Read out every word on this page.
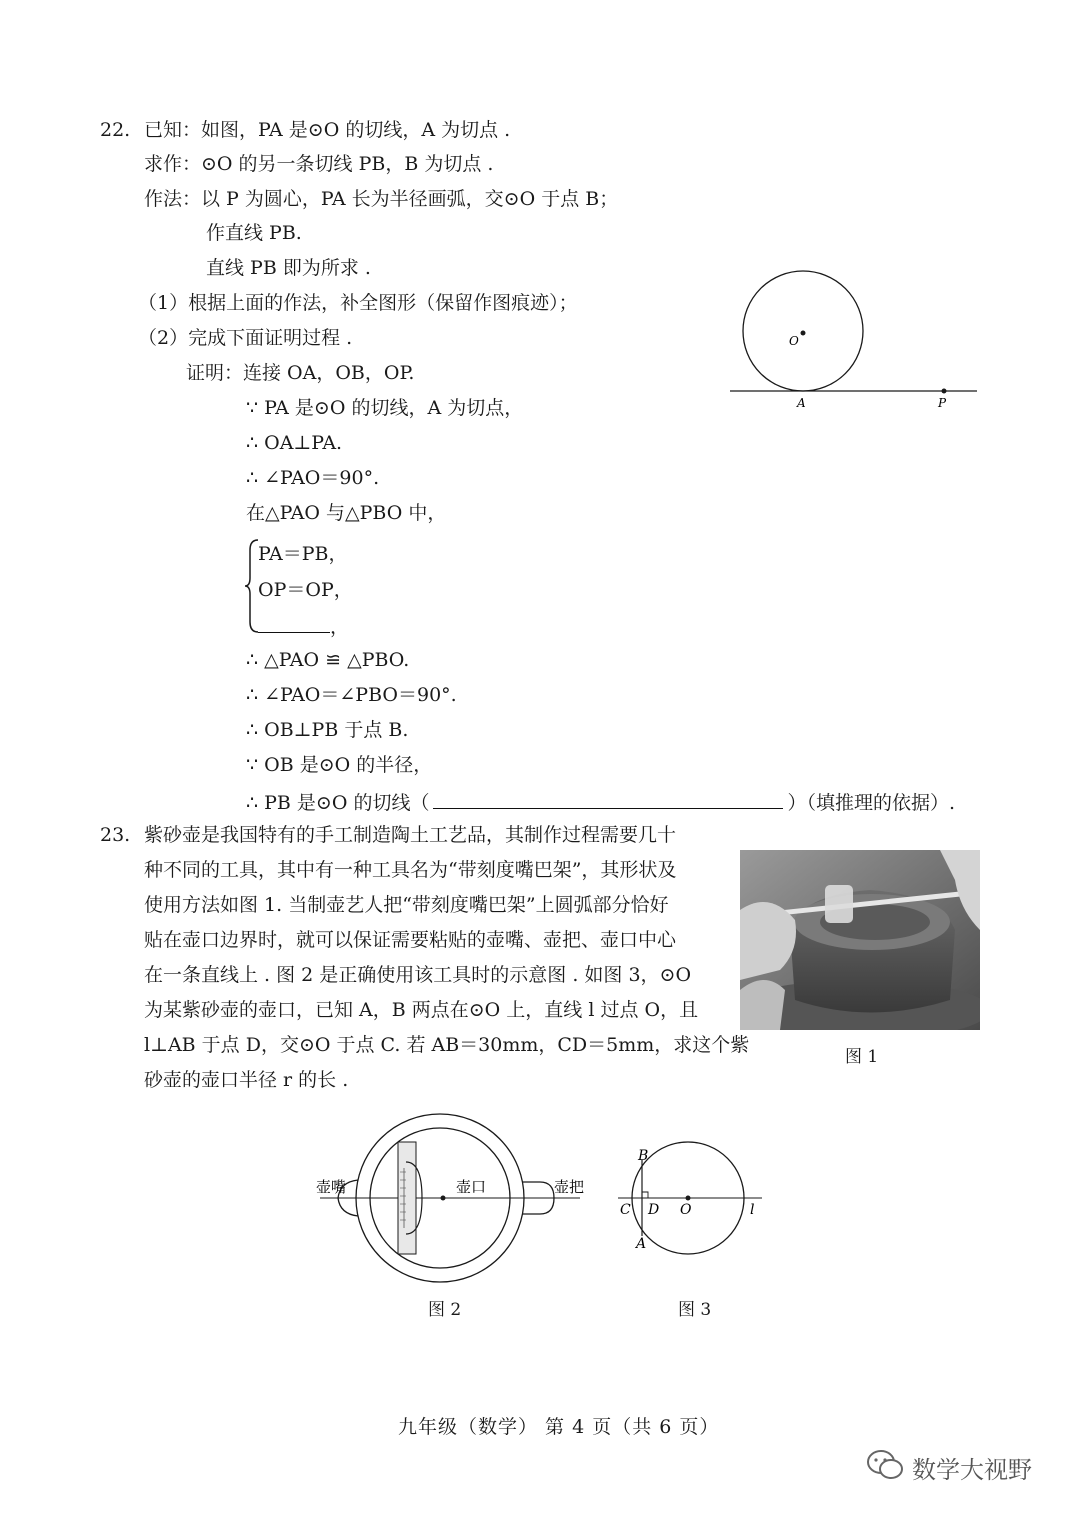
22. 已知：如图，PA 是⊙O 的切线，A 为切点 .
求作：⊙O 的另一条切线 PB，B 为切点 .
作法：以 P 为圆心，PA 长为半径画弧，交⊙O 于点 B；
作直线 PB.
直线 PB 即为所求 .
（1）根据上面的作法，补全图形（保留作图痕迹）；
（2）完成下面证明过程 .
证明：连接 OA，OB，OP.
∵ PA 是⊙O 的切线，A 为切点，
∴ OA⊥PA.
∴ ∠PAO＝90°.
在△PAO 与△PBO 中，
PA＝PB，
OP＝OP，
，
∴ △PAO ≌ △PBO.
∴ ∠PAO＝∠PBO＝90°.
∴ OB⊥PB 于点 B.
∵ OB 是⊙O 的半径，
∴ PB 是⊙O 的切线（	）（填推理的依据）.
O
A	P
23. 紫砂壶是我国特有的手工制造陶土工艺品，其制作过程需要几十
种不同的工具，其中有一种工具名为“带刻度嘴巴架”，其形状及
使用方法如图 1. 当制壶艺人把“带刻度嘴巴架”上圆弧部分恰好
贴在壶口边界时，就可以保证需要粘贴的壶嘴、壶把、壶口中心
在一条直线上 . 图 2 是正确使用该工具时的示意图 . 如图 3，⊙O
为某紫砂壶的壶口，已知 A，B 两点在⊙O 上，直线 l 过点 O，且
l⊥AB 于点 D，交⊙O 于点 C. 若 AB＝30mm，CD＝5mm，求这个紫
砂壶的壶口半径 r 的长 .
图 1
壶嘴	壶口	壶把
图 2
B
C D O
A
l
图 3
九年级（数学） 第 4 页（共 6 页）
数学大视野
